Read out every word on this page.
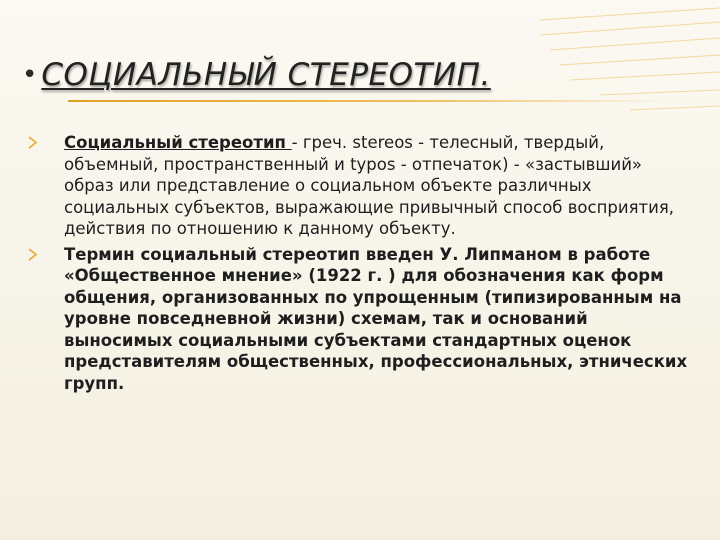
• СОЦИАЛЬНЫЙ СТЕРЕОТИП.

Социальный стереотип - греч. stereos - телесный, твердый, объемный, пространственный и typos - отпечаток) - «застывший» образ или представление о социальном объекте различных социальных субъектов, выражающие привычный способ восприятия, действия по отношению к данному объекту.

Термин социальный стереотип введен У. Липманом в работе «Общественное мнение» (1922 г. ) для обозначения как форм общения, организованных по упрощенным (типизированным на уровне повседневной жизни) схемам, так и оснований выносимых социальными субъектами стандартных оценок представителям общественных, профессиональных, этнических групп.
